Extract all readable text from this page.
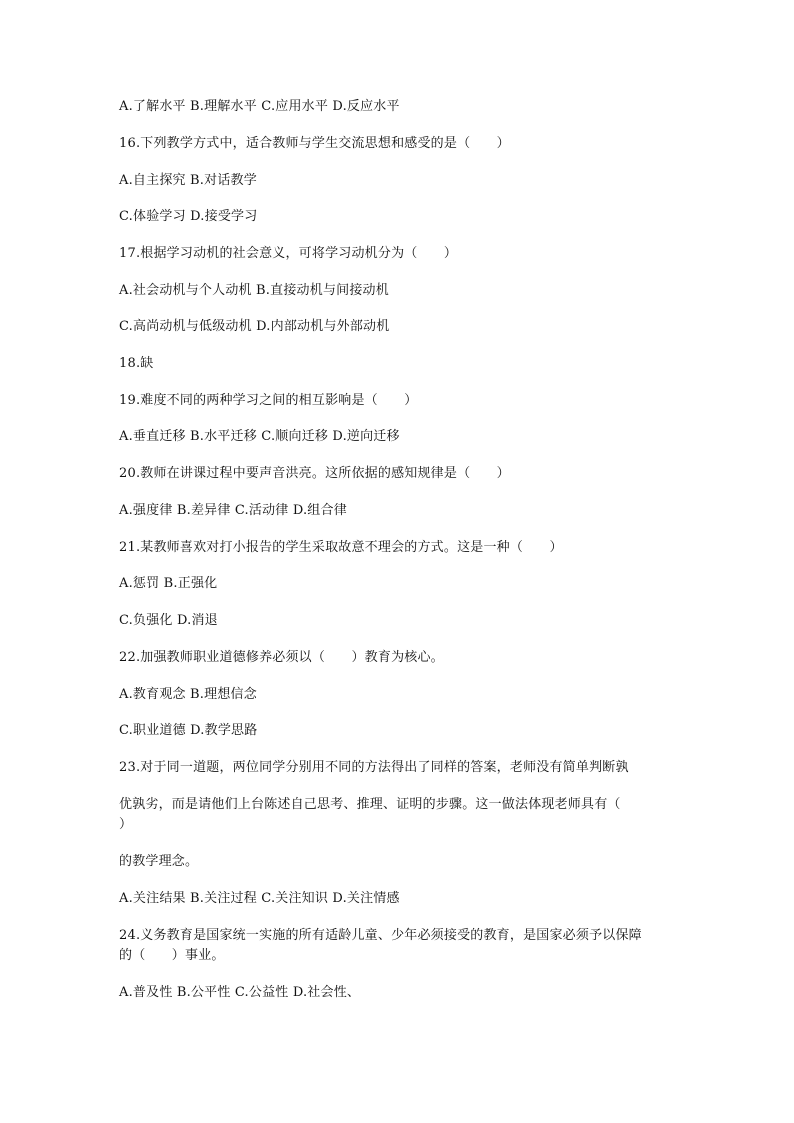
A.了解水平 B.理解水平 C.应用水平 D.反应水平
16.下列教学方式中，适合教师与学生交流思想和感受的是（　　）
A.自主探究 B.对话教学
C.体验学习 D.接受学习
17.根据学习动机的社会意义，可将学习动机分为（　　）
A.社会动机与个人动机 B.直接动机与间接动机
C.高尚动机与低级动机 D.内部动机与外部动机
18.缺
19.难度不同的两种学习之间的相互影响是（　　）
A.垂直迁移 B.水平迁移 C.顺向迁移 D.逆向迁移
20.教师在讲课过程中要声音洪亮。这所依据的感知规律是（　　）
A.强度律 B.差异律 C.活动律 D.组合律
21.某教师喜欢对打小报告的学生采取故意不理会的方式。这是一种（　　）
A.惩罚 B.正强化
C.负强化 D.消退
22.加强教师职业道德修养必须以（　　）教育为核心。
A.教育观念 B.理想信念
C.职业道德 D.教学思路
23.对于同一道题，两位同学分别用不同的方法得出了同样的答案，老师没有简单判断孰
优孰劣，而是请他们上台陈述自己思考、推理、证明的步骤。这一做法体现老师具有（
）
的教学理念。
A.关注结果 B.关注过程 C.关注知识 D.关注情感
24.义务教育是国家统一实施的所有适龄儿童、少年必须接受的教育，是国家必须予以保障
的（　　）事业。
A.普及性 B.公平性 C.公益性 D.社会性、
